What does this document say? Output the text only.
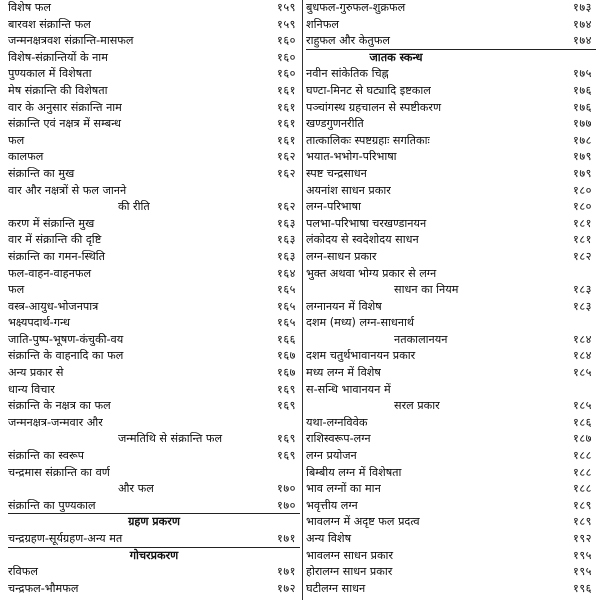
विशेष फल	१५९
बारवश संक्रान्ति फल	१५९
जन्मनक्षत्रवश संक्रान्ति-मासफल	१६०
विशेष-संक्रान्तियों के नाम	१६०
पुण्यकाल में विशेषता	१६०
मेष संक्रान्ति की विशेषता	१६१
वार के अनुसार संक्रान्ति नाम	१६१
संक्रान्ति एवं नक्षत्र में सम्बन्ध	१६१
फल	१६१
कालफल	१६२
संक्रान्ति का मुख	१६२
वार और नक्षत्रों से फल जानने
की रीति	१६२
करण में संक्रान्ति मुख	१६३
वार में संक्रान्ति की दृष्टि	१६३
संक्रान्ति का गमन-स्थिति	१६३
फल-वाहन-वाहनफल	१६४
फल	१६५
वस्त्र-आयुध-भोजनपात्र	१६५
भक्ष्यपदार्थ-गन्ध	१६५
जाति-पुष्प-भूषण-कंचुकी-वय	१६६
संक्रान्ति के वाहनादि का फल	१६७
अन्य प्रकार से	१६७
धान्य विचार	१६९
संक्रान्ति के नक्षत्र का फल	१६९
जन्मनक्षत्र-जन्मवार और
जन्मतिथि से संक्रान्ति फल	१६९
संक्रान्ति का स्वरूप	१६९
चन्द्रमास संक्रान्ति का वर्ण
और फल	१७०
संक्रान्ति का पुण्यकाल	१७०
ग्रहण प्रकरण
चन्द्रग्रहण-सूर्यग्रहण-अन्य मत	१७१
गोचरप्रकरण
रविफल	१७१
चन्द्रफल-भौमफल	१७२
बुधफल-गुरुफल-शुक्रफल	१७३
शनिफल	१७४
राहुफल और केतुफल	१७४
जातक स्कन्ध
नवीन सांकेतिक चिह्न	१७५
घण्टा-मिनट से घट्यादि इष्टकाल	१७६
पञ्चांगस्थ ग्रहचालन से स्पष्टीकरण	१७६
खण्डगुणनरीति	१७७
तात्कालिकः स्पष्टग्रहाः सगतिकाः	१७८
भयात-भभोग-परिभाषा	१७९
स्पष्ट चन्द्रसाधन	१७९
अयनांश साधन प्रकार	१८०
लग्न-परिभाषा	१८०
पलभा-परिभाषा चरखण्डानयन	१८१
लंकोदय से स्वदेशोदय साधन	१८१
लग्न-साधन प्रकार	१८२
भुक्त अथवा भोग्य प्रकार से लग्न
साधन का नियम	१८३
लग्नानयन में विशेष	१८३
दशम (मध्य) लग्न-साधनार्थ
नतकालानयन	१८४
दशम चतुर्थभावानयन प्रकार	१८४
मध्य लग्न में विशेष	१८५
स-सन्धि भावानयन में
सरल प्रकार	१८५
यथा-लग्नविवेक	१८६
राशिस्वरूप-लग्न	१८७
लग्न प्रयोजन	१८८
बिम्बीय लग्न में विशेषता	१८८
भाव लग्नों का मान	१८८
भवृत्तीय लग्न	१८९
भावलग्न में अदृष्ट फल प्रदत्व	१८९
अन्य विशेष	१९२
भावलग्न साधन प्रकार	१९५
होरालग्न साधन प्रकार	१९५
घटीलग्न साधन	१९६
